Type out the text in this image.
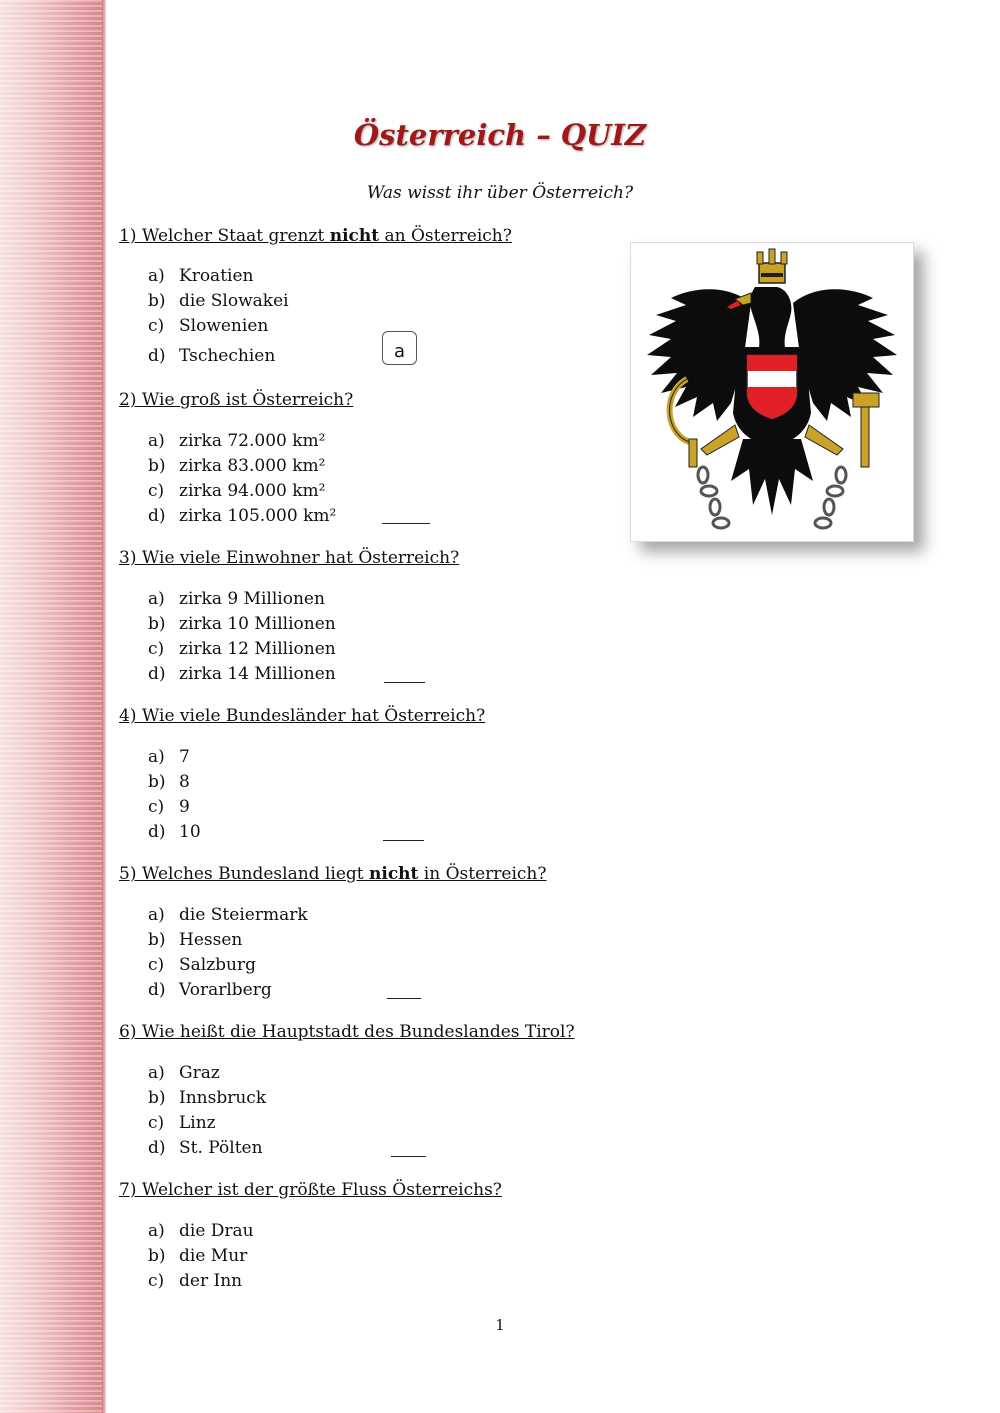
Österreich – QUIZ

Was wisst ihr über Österreich?

1) Welcher Staat grenzt nicht an Österreich?

a) Kroatien

b) die Slowakei

c) Slowenien

d) Tschechien	a

2) Wie groß ist Österreich?

a) zirka 72.000 km²

b) zirka 83.000 km²

c) zirka 94.000 km²

d) zirka 105.000 km²

3) Wie viele Einwohner hat Österreich?

a) zirka 9 Millionen

b) zirka 10 Millionen

c) zirka 12 Millionen

d) zirka 14 Millionen

4) Wie viele Bundesländer hat Österreich?

a) 7

b) 8

c) 9

d) 10

5) Welches Bundesland liegt nicht in Österreich?

a) die Steiermark

b) Hessen

c) Salzburg

d) Vorarlberg

6) Wie heißt die Hauptstadt des Bundeslandes Tirol?

a) Graz

b) Innsbruck

c) Linz

d) St. Pölten

7) Welcher ist der größte Fluss Österreichs?

a) die Drau

b) die Mur

c) der Inn

1
